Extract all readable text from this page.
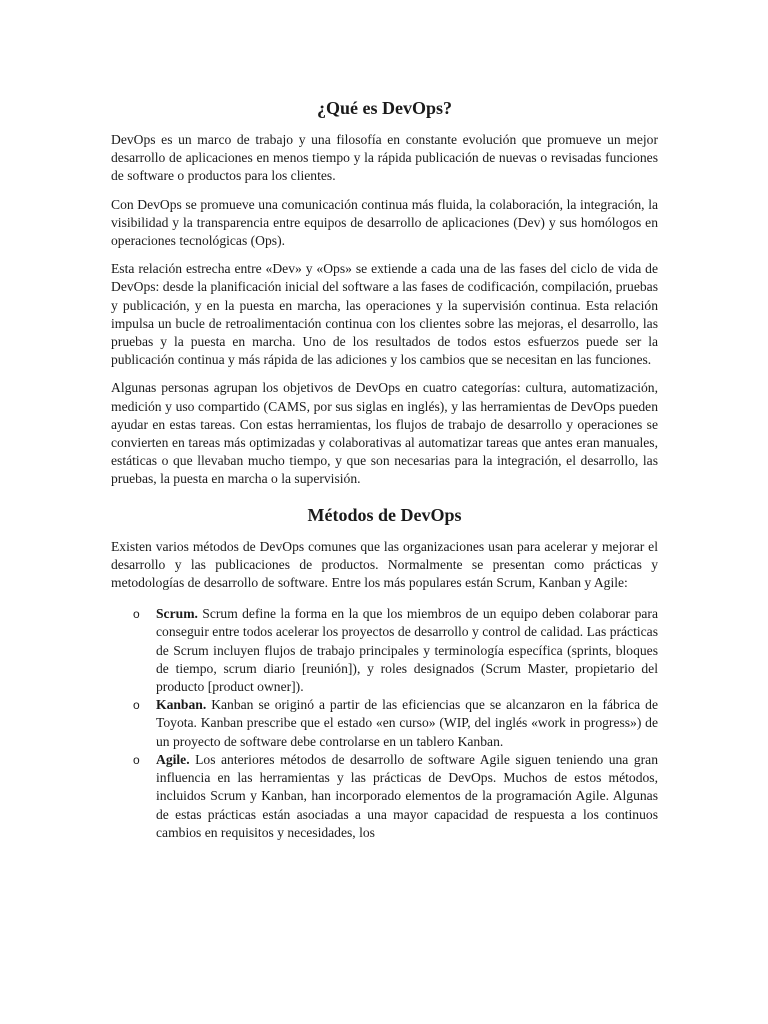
¿Qué es DevOps?

DevOps es un marco de trabajo y una filosofía en constante evolución que promueve un mejor desarrollo de aplicaciones en menos tiempo y la rápida publicación de nuevas o revisadas funciones de software o productos para los clientes.

Con DevOps se promueve una comunicación continua más fluida, la colaboración, la integración, la visibilidad y la transparencia entre equipos de desarrollo de aplicaciones (Dev) y sus homólogos en operaciones tecnológicas (Ops).

Esta relación estrecha entre «Dev» y «Ops» se extiende a cada una de las fases del ciclo de vida de DevOps: desde la planificación inicial del software a las fases de codificación, compilación, pruebas y publicación, y en la puesta en marcha, las operaciones y la supervisión continua. Esta relación impulsa un bucle de retroalimentación continua con los clientes sobre las mejoras, el desarrollo, las pruebas y la puesta en marcha. Uno de los resultados de todos estos esfuerzos puede ser la publicación continua y más rápida de las adiciones y los cambios que se necesitan en las funciones.

Algunas personas agrupan los objetivos de DevOps en cuatro categorías: cultura, automatización, medición y uso compartido (CAMS, por sus siglas en inglés), y las herramientas de DevOps pueden ayudar en estas tareas. Con estas herramientas, los flujos de trabajo de desarrollo y operaciones se convierten en tareas más optimizadas y colaborativas al automatizar tareas que antes eran manuales, estáticas o que llevaban mucho tiempo, y que son necesarias para la integración, el desarrollo, las pruebas, la puesta en marcha o la supervisión.

Métodos de DevOps

Existen varios métodos de DevOps comunes que las organizaciones usan para acelerar y mejorar el desarrollo y las publicaciones de productos. Normalmente se presentan como prácticas y metodologías de desarrollo de software. Entre los más populares están Scrum, Kanban y Agile:

o Scrum. Scrum define la forma en la que los miembros de un equipo deben colaborar para conseguir entre todos acelerar los proyectos de desarrollo y control de calidad. Las prácticas de Scrum incluyen flujos de trabajo principales y terminología específica (sprints, bloques de tiempo, scrum diario [reunión]), y roles designados (Scrum Master, propietario del producto [product owner]).
o Kanban. Kanban se originó a partir de las eficiencias que se alcanzaron en la fábrica de Toyota. Kanban prescribe que el estado «en curso» (WIP, del inglés «work in progress») de un proyecto de software debe controlarse en un tablero Kanban.
o Agile. Los anteriores métodos de desarrollo de software Agile siguen teniendo una gran influencia en las herramientas y las prácticas de DevOps. Muchos de estos métodos, incluidos Scrum y Kanban, han incorporado elementos de la programación Agile. Algunas de estas prácticas están asociadas a una mayor capacidad de respuesta a los continuos cambios en requisitos y necesidades, los
